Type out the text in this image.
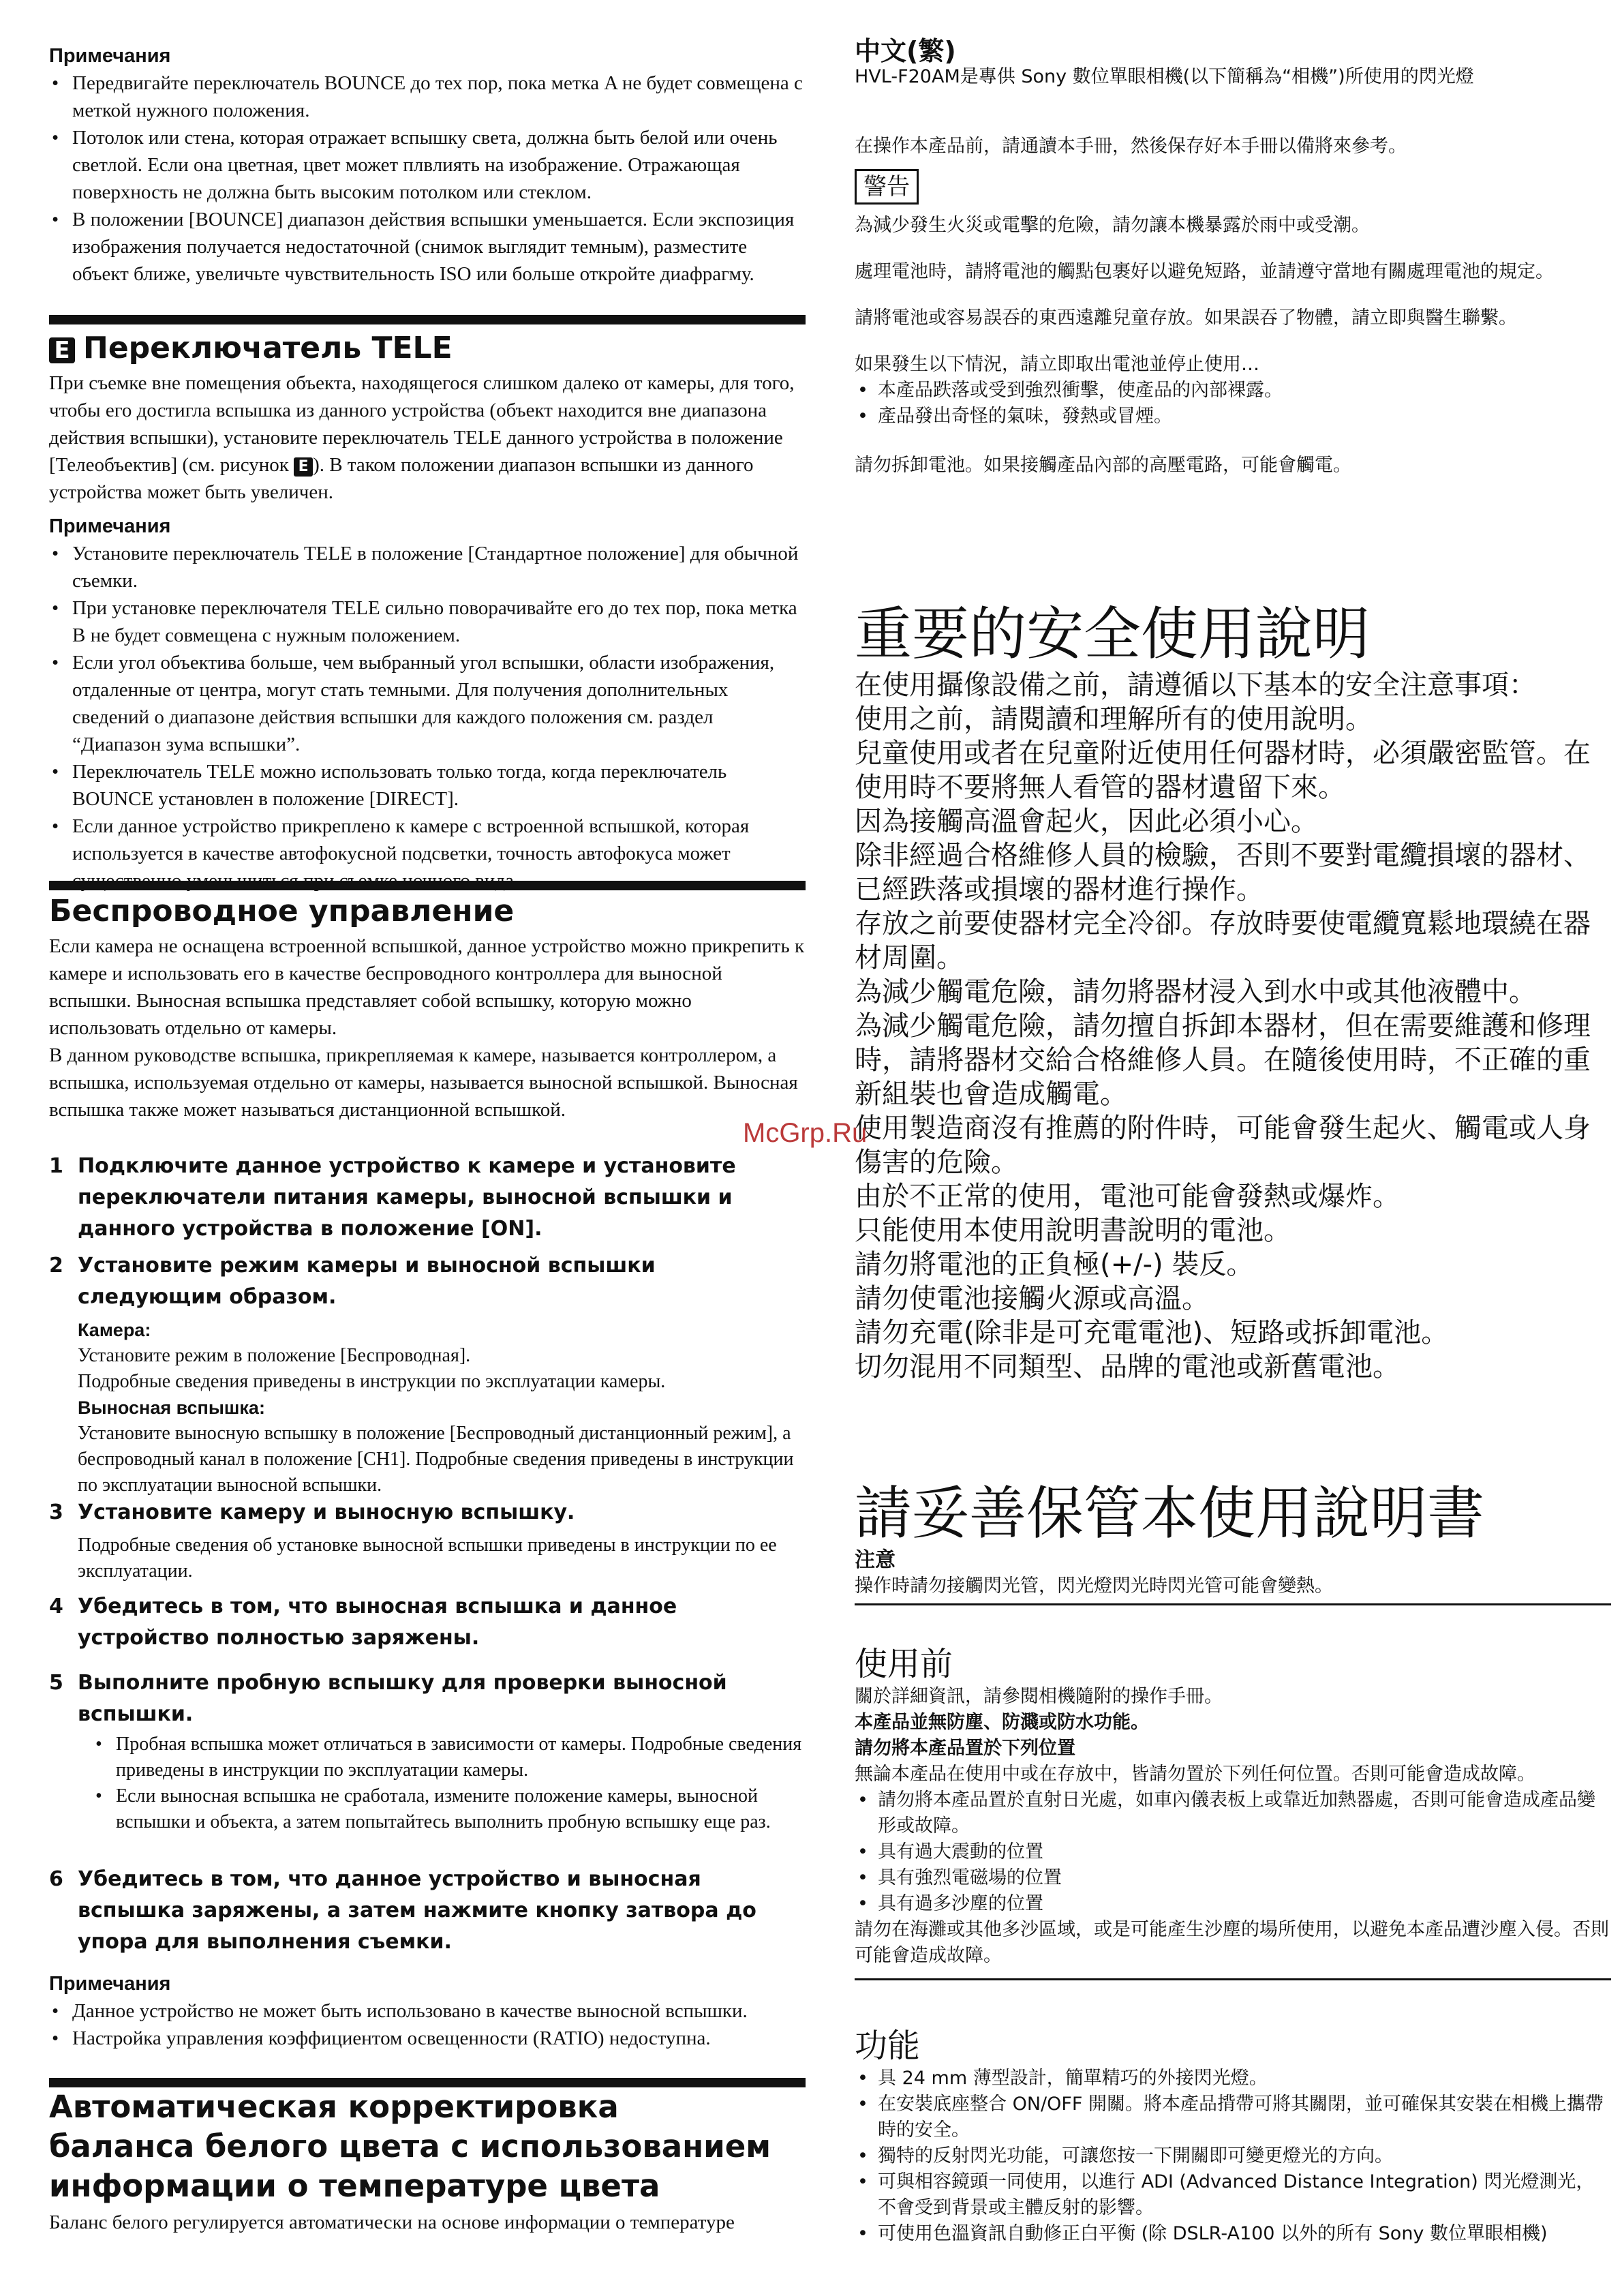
Примечания
• Передвигайте переключатель BOUNCE до тех пор, пока метка A не будет совмещена с меткой нужного положения.
• Потолок или стена, которая отражает вспышку света, должна быть белой или очень светлой. Если она цветная, цвет может плвлиять на изображение. Отражающая поверхность не должна быть высоким потолком или стеклом.
• В положении [BOUNCE] диапазон действия вспышки уменьшается. Если экспозиция изображения получается недостаточной (снимок выглядит темным), разместите объект ближе, увеличьте чувствительность ISO или больше откройте диафрагму.
E Переключатель TELE
При съемке вне помещения объекта, находящегося слишком далеко от камеры, для того, чтобы его достигла вспышка из данного устройства (объект находится вне диапазона действия вспышки), установите переключатель TELE данного устройства в положение [Телеобъектив] (см. рисунок E ). В таком положении диапазон вспышки из данного устройства может быть увеличен.
Примечания
• Установите переключатель TELE в положение [Стандартное положение] для обычной съемки.
• При установке переключателя TELE сильно поворачивайте его до тех пор, пока метка B не будет совмещена с нужным положением.
• Если угол объектива больше, чем выбранный угол вспышки, области изображения, отдаленные от центра, могут стать темными. Для получения дополнительных сведений о диапазоне действия вспышки для каждого положения см. раздел “Диапазон зума вспышки”.
• Переключатель TELE можно использовать только тогда, когда переключатель BOUNCE установлен в положение [DIRECT].
• Если данное устройство прикреплено к камере с встроенной вспышкой, которая используется в качестве автофокусной подсветки, точность автофокуса может
Беспроводное управление
Если камера не оснащена встроенной вспышкой, данное устройство можно прикрепить к камере и использовать его в качестве беспроводного контроллера для выносной вспышки. Выносная вспышка представляет собой вспышку, которую можно использовать отдельно от камеры.
В данном руководстве вспышка, прикрепляемая к камере, называется контроллером, а вспышка, используемая отдельно от камеры, называется выносной вспышкой. Выносная вспышка также может называться дистанционной вспышкой.
1 Подключите данное устройство к камере и установите переключатели питания камеры, выносной вспышки и данного устройства в положение [ON].
2 Установите режим камеры и выносной вспышки следующим образом.
Камера:
Установите режим в положение [Беспроводная].
Подробные сведения приведены в инструкции по эксплуатации камеры.
Выносная вспышка:
Установите выносную вспышку в положение [Беспроводный дистанционный режим], а беспроводный канал в положение [CH1]. Подробные сведения приведены в инструкции по эксплуатации выносной вспышки.
3 Установите камеру и выносную вспышку.
Подробные сведения об установке выносной вспышки приведены в инструкции по ее эксплуатации.
4 Убедитесь в том, что выносная вспышка и данное устройство полностью заряжены.
5 Выполните пробную вспышку для проверки выносной вспышки.
• Пробная вспышка может отличаться в зависимости от камеры. Подробные сведения приведены в инструкции по эксплуатации камеры.
• Если выносная вспышка не сработала, измените положение камеры, выносной вспышки и объекта, а затем попытайтесь выполнить пробную вспышку еще раз.
6 Убедитесь в том, что данное устройство и выносная вспышка заряжены, а затем нажмите кнопку затвора до упора для выполнения съемки.
Примечания
• Данное устройство не может быть использовано в качестве выносной вспышки.
• Настройка управления коэффициентом освещенности (RATIO) недоступна.
Автоматическая корректировка
баланса белого цвета с использованием
информации о температуре цвета
Баланс белого регулируется автоматически на основе информации о температуре
中文(繁)
HVL-F20AM是專供 Sony 數位單眼相機(以下簡稱為“相機”)所使用的閃光燈
在操作本產品前，請通讀本手冊，然後保存好本手冊以備將來參考。
警告
為減少發生火災或電擊的危險，請勿讓本機暴露於雨中或受潮。
處理電池時，請將電池的觸點包裹好以避免短路，並請遵守當地有關處理電池的規定。
請將電池或容易誤吞的東西遠離兒童存放。如果誤吞了物體，請立即與醫生聯繫。
如果發生以下情況，請立即取出電池並停止使用…
• 本產品跌落或受到強烈衝擊，使產品的內部裸露。
• 產品發出奇怪的氣味，發熱或冒煙。
請勿拆卸電池。如果接觸產品內部的高壓電路，可能會觸電。
重要的安全使用說明
在使用攝像設備之前，請遵循以下基本的安全注意事項：
使用之前，請閱讀和理解所有的使用說明。
兒童使用或者在兒童附近使用任何器材時，必須嚴密監管。在使用時不要將無人看管的器材遺留下來。
因為接觸高溫會起火，因此必須小心。
除非經過合格維修人員的檢驗，否則不要對電纜損壞的器材、已經跌落或損壞的器材進行操作。
存放之前要使器材完全冷卻。存放時要使電纜寬鬆地環繞在器材周圍。
為減少觸電危險，請勿將器材浸入到水中或其他液體中。
為減少觸電危險，請勿擅自拆卸本器材，但在需要維護和修理時，請將器材交給合格維修人員。在隨後使用時，不正確的重新組裝也會造成觸電。
使用製造商沒有推薦的附件時，可能會發生起火、觸電或人身傷害的危險。
由於不正常的使用，電池可能會發熱或爆炸。
只能使用本使用說明書說明的電池。
請勿將電池的正負極(+/-) 裝反。
請勿使電池接觸火源或高溫。
請勿充電(除非是可充電電池)、短路或拆卸電池。
切勿混用不同類型、品牌的電池或新舊電池。
請妥善保管本使用說明書
注意
操作時請勿接觸閃光管，閃光燈閃光時閃光管可能會變熱。
使用前
關於詳細資訊，請參閱相機隨附的操作手冊。
本產品並無防塵、防濺或防水功能。
請勿將本產品置於下列位置
無論本產品在使用中或在存放中，皆請勿置於下列任何位置。否則可能會造成故障。
• 請勿將本產品置於直射日光處，如車內儀表板上或靠近加熱器處，否則可能會造成產品變形或故障。
• 具有過大震動的位置
• 具有強烈電磁場的位置
• 具有過多沙塵的位置
請勿在海灘或其他多沙區域，或是可能產生沙塵的場所使用，以避免本產品遭沙塵入侵。否則可能會造成故障。
功能
• 具 24 mm 薄型設計，簡單精巧的外接閃光燈。
• 在安裝底座整合 ON/OFF 開關。將本產品揹帶可將其關閉，並可確保其安裝在相機上攜帶時的安全。
• 獨特的反射閃光功能，可讓您按一下開關即可變更燈光的方向。
• 可與相容鏡頭一同使用，以進行 ADI (Advanced Distance Integration) 閃光燈測光，不會受到背景或主體反射的影響。
• 可使用色溫資訊自動修正白平衡 (除 DSLR-A100 以外的所有 Sony 數位單眼相機)
McGrp.Ru
